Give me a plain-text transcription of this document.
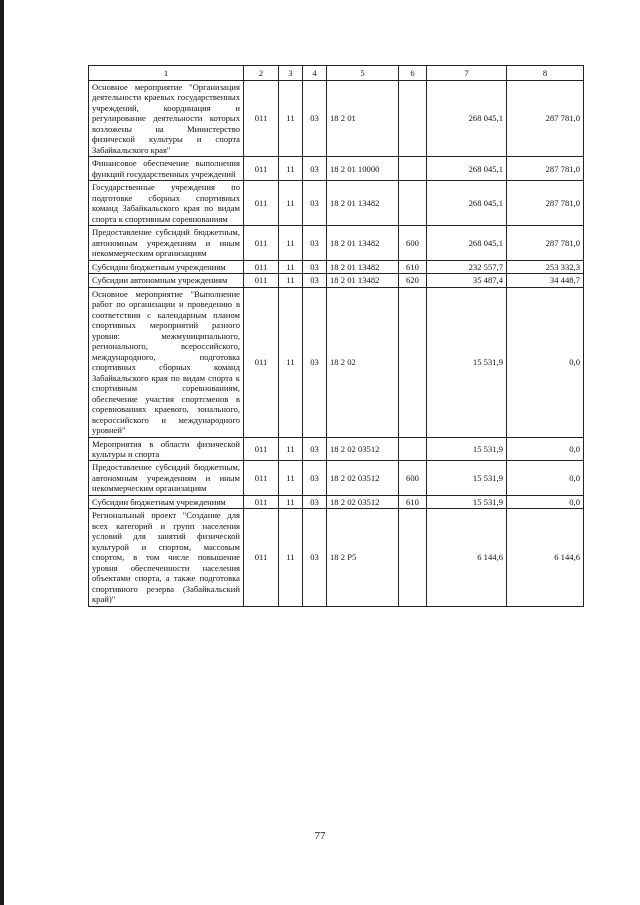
1	2	3	4	5	6	7	8
Основное мероприятие "Организация деятельности краевых государственных учреждений, координация и регулирование деятельности которых возложены на Министерство физической культуры и спорта Забайкальского края"	011	11	03	18 2 01		268 045,1	287 781,0
Финансовое обеспечение выполнения функций государственных учреждений	011	11	03	18 2 01 10000		268 045,1	287 781,0
Государственные учреждения по подготовке сборных спортивных команд Забайкальского края по видам спорта к спортивным соревнованиям	011	11	03	18 2 01 13482		268 045,1	287 781,0
Предоставление субсидий бюджетным, автономным учреждениям и иным некоммерческим организациям	011	11	03	18 2 01 13482	600	268 045,1	287 781,0
Субсидии бюджетным учреждениям	011	11	03	18 2 01 13482	610	232 557,7	253 332,3
Субсидии автономным учреждениям	011	11	03	18 2 01 13482	620	35 487,4	34 448,7
Основное мероприятие "Выполнение работ по организации и проведению в соответствии с календарным планом спортивных мероприятий разного уровня: межмуниципального, регионального, всероссийского, международного, подготовка спортивных сборных команд Забайкальского края по видам спорта к спортивным соревнованиям, обеспечение участия спортсменов в соревнованиях краевого, зонального, всероссийского и международного уровней"	011	11	03	18 2 02		15 531,9	0,0
Мероприятия в области физической культуры и спорта	011	11	03	18 2 02 03512		15 531,9	0,0
Предоставление субсидий бюджетным, автономным учреждениям и иным некоммерческим организациям	011	11	03	18 2 02 03512	600	15 531,9	0,0
Субсидии бюджетным учреждениям	011	11	03	18 2 02 03512	610	15 531,9	0,0
Региональный проект "Создание для всех категорий и групп населения условий для занятий физической культурой и спортом, массовым спортом, в том числе повышение уровня обеспеченности населения объектами спорта, а также подготовка спортивного резерва (Забайкальский край)"	011	11	03	18 2 P5		6 144,6	6 144,6
77
